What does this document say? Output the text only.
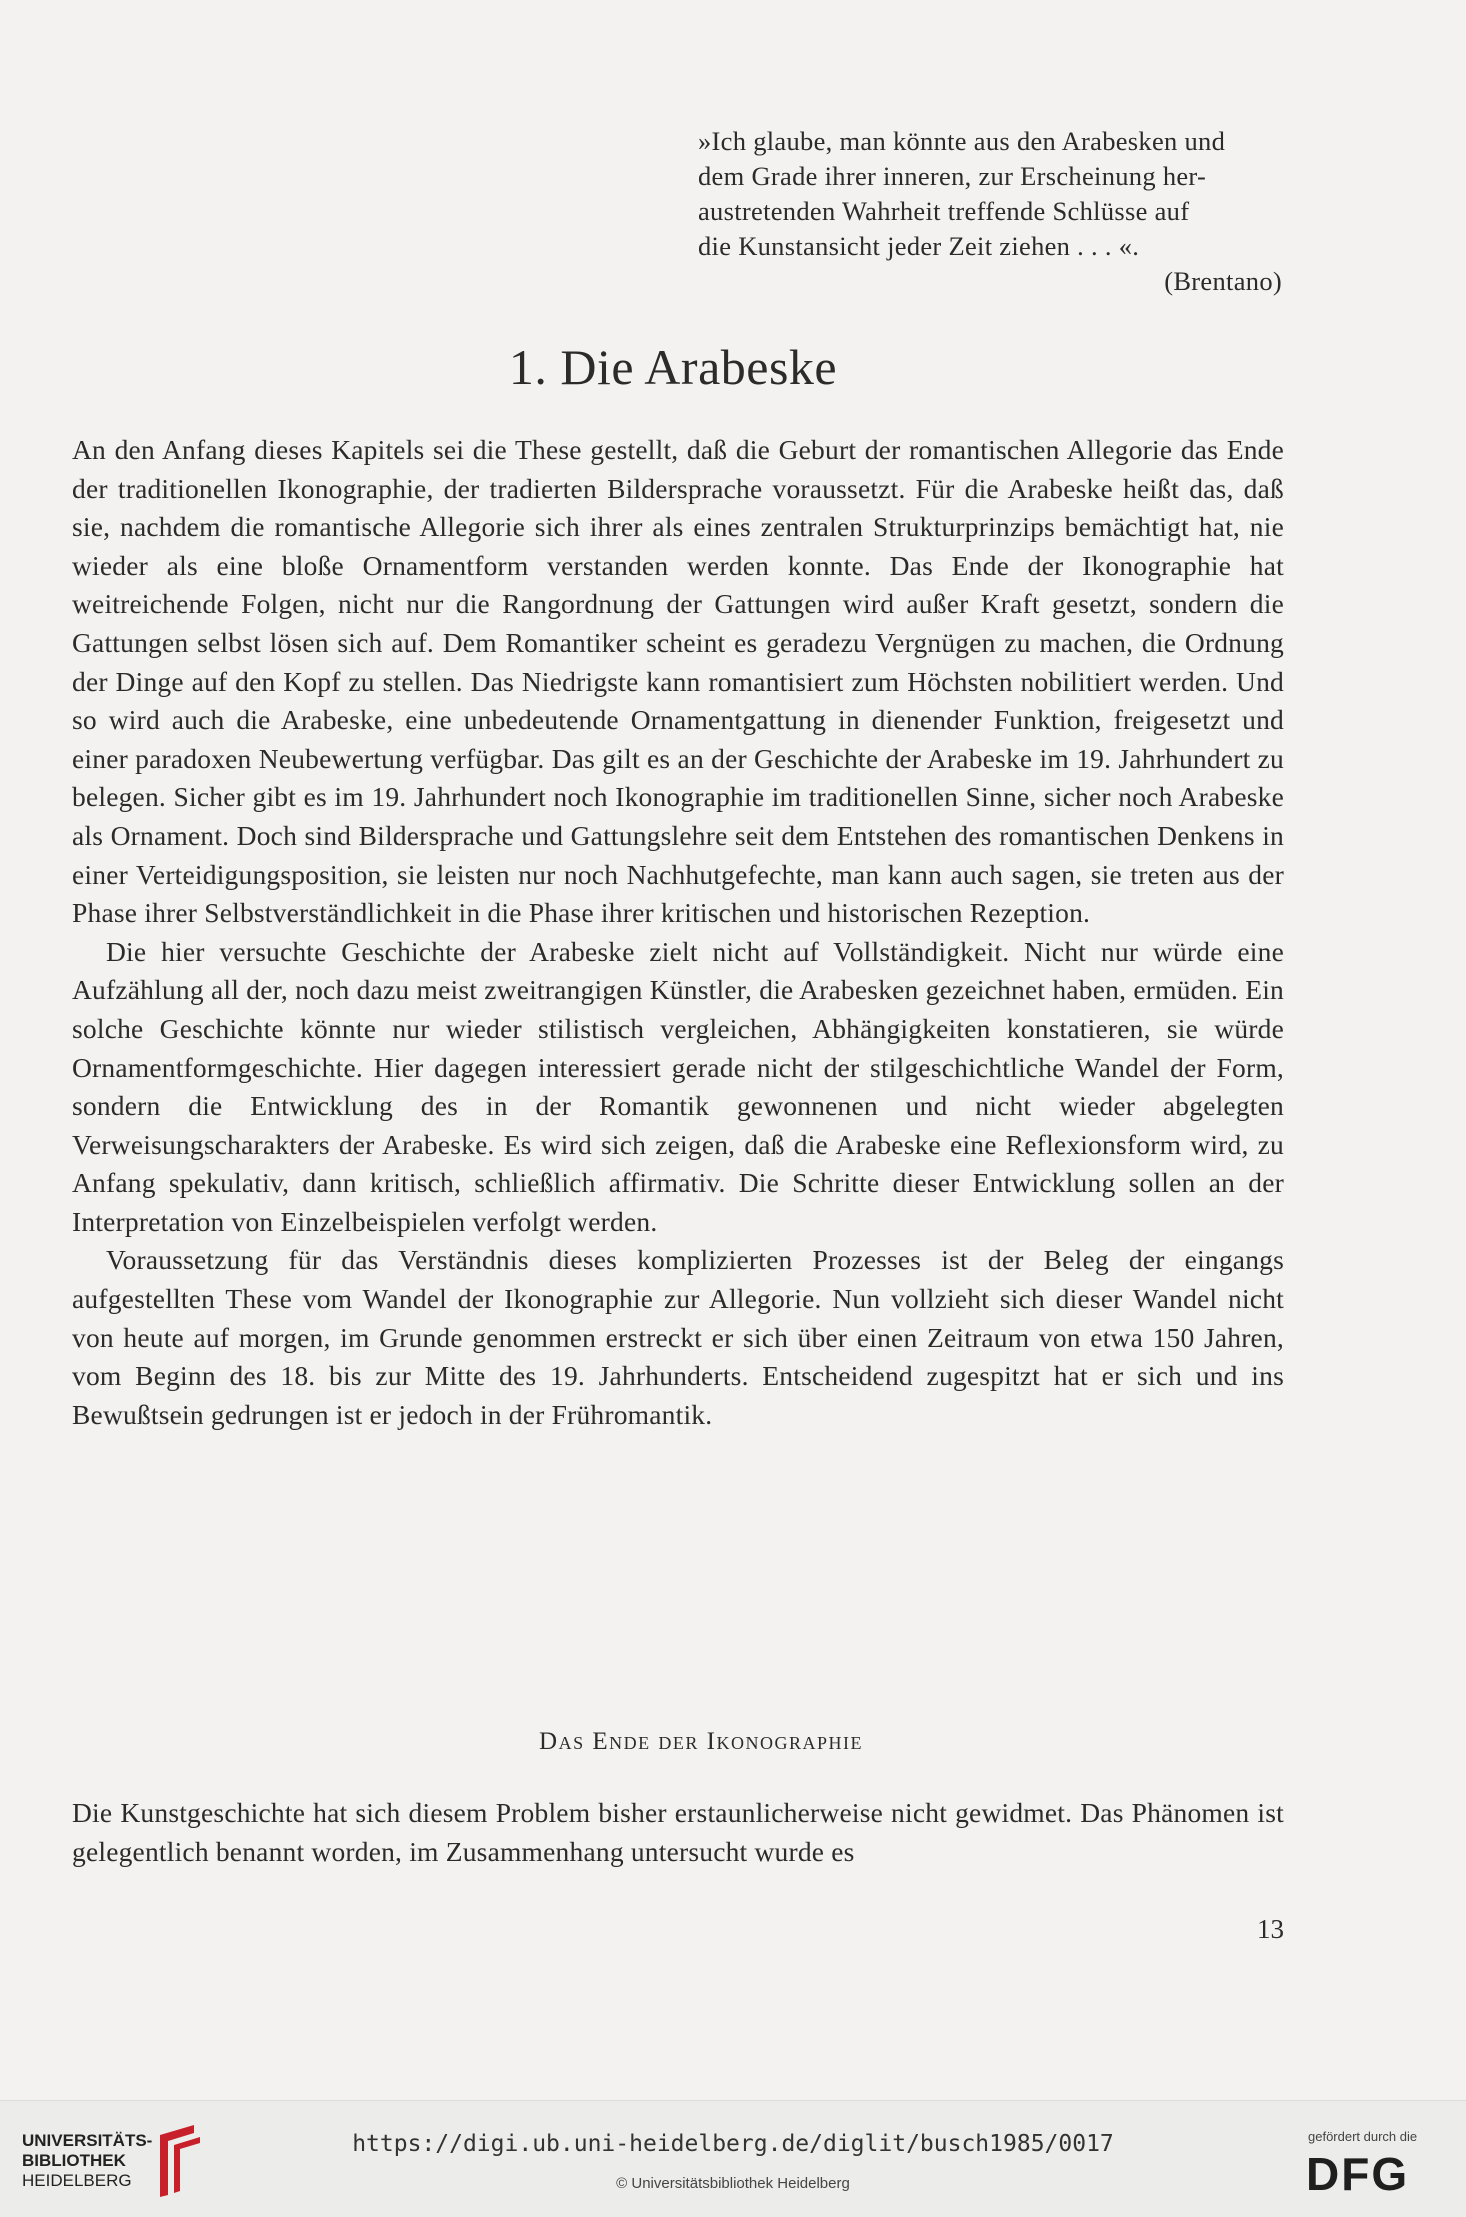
»Ich glaube, man könnte aus den Arabesken und
dem Grade ihrer inneren, zur Erscheinung her-
austretenden Wahrheit treffende Schlüsse auf
die Kunstansicht jeder Zeit ziehen . . . «.
(Brentano)
1. Die Arabeske

An den Anfang dieses Kapitels sei die These gestellt, daß die Geburt der romantischen Allegorie das Ende der traditionellen Ikonographie, der tradierten Bildersprache voraussetzt. Für die Arabeske heißt das, daß sie, nachdem die romantische Allegorie sich ihrer als eines zentralen Strukturprinzips bemächtigt hat, nie wieder als eine bloße Ornamentform verstanden werden konnte. Das Ende der Ikonographie hat weitreichende Folgen, nicht nur die Rangordnung der Gattungen wird außer Kraft gesetzt, sondern die Gattungen selbst lösen sich auf. Dem Romantiker scheint es geradezu Vergnügen zu machen, die Ordnung der Dinge auf den Kopf zu stellen. Das Niedrigste kann romantisiert zum Höchsten nobilitiert werden. Und so wird auch die Arabeske, eine unbedeutende Ornamentgattung in dienender Funktion, freigesetzt und einer paradoxen Neubewertung verfügbar. Das gilt es an der Geschichte der Arabeske im 19. Jahrhundert zu belegen. Sicher gibt es im 19. Jahrhundert noch Ikonographie im traditionellen Sinne, sicher noch Arabeske als Ornament. Doch sind Bildersprache und Gattungslehre seit dem Entstehen des romantischen Denkens in einer Verteidigungsposition, sie leisten nur noch Nachhutgefechte, man kann auch sagen, sie treten aus der Phase ihrer Selbstverständlichkeit in die Phase ihrer kritischen und historischen Rezeption.

Die hier versuchte Geschichte der Arabeske zielt nicht auf Vollständigkeit. Nicht nur würde eine Aufzählung all der, noch dazu meist zweitrangigen Künstler, die Arabesken gezeichnet haben, ermüden. Ein solche Geschichte könnte nur wieder stilistisch vergleichen, Abhängigkeiten konstatieren, sie würde Ornamentformgeschichte. Hier dagegen interessiert gerade nicht der stilgeschichtliche Wandel der Form, sondern die Entwicklung des in der Romantik gewonnenen und nicht wieder abgelegten Verweisungscharakters der Arabeske. Es wird sich zeigen, daß die Arabeske eine Reflexionsform wird, zu Anfang spekulativ, dann kritisch, schließlich affirmativ. Die Schritte dieser Entwicklung sollen an der Interpretation von Einzelbeispielen verfolgt werden.

Voraussetzung für das Verständnis dieses komplizierten Prozesses ist der Beleg der eingangs aufgestellten These vom Wandel der Ikonographie zur Allegorie. Nun vollzieht sich dieser Wandel nicht von heute auf morgen, im Grunde genommen erstreckt er sich über einen Zeitraum von etwa 150 Jahren, vom Beginn des 18. bis zur Mitte des 19. Jahrhunderts. Entscheidend zugespitzt hat er sich und ins Bewußtsein gedrungen ist er jedoch in der Frühromantik.

Das Ende der Ikonographie

Die Kunstgeschichte hat sich diesem Problem bisher erstaunlicherweise nicht gewidmet. Das Phänomen ist gelegentlich benannt worden, im Zusammenhang untersucht wurde es

13
UNIVERSITÄTS-
BIBLIOTHEK
HEIDELBERG
https://digi.ub.uni-heidelberg.de/diglit/busch1985/0017
© Universitätsbibliothek Heidelberg
gefördert durch die
DFG
